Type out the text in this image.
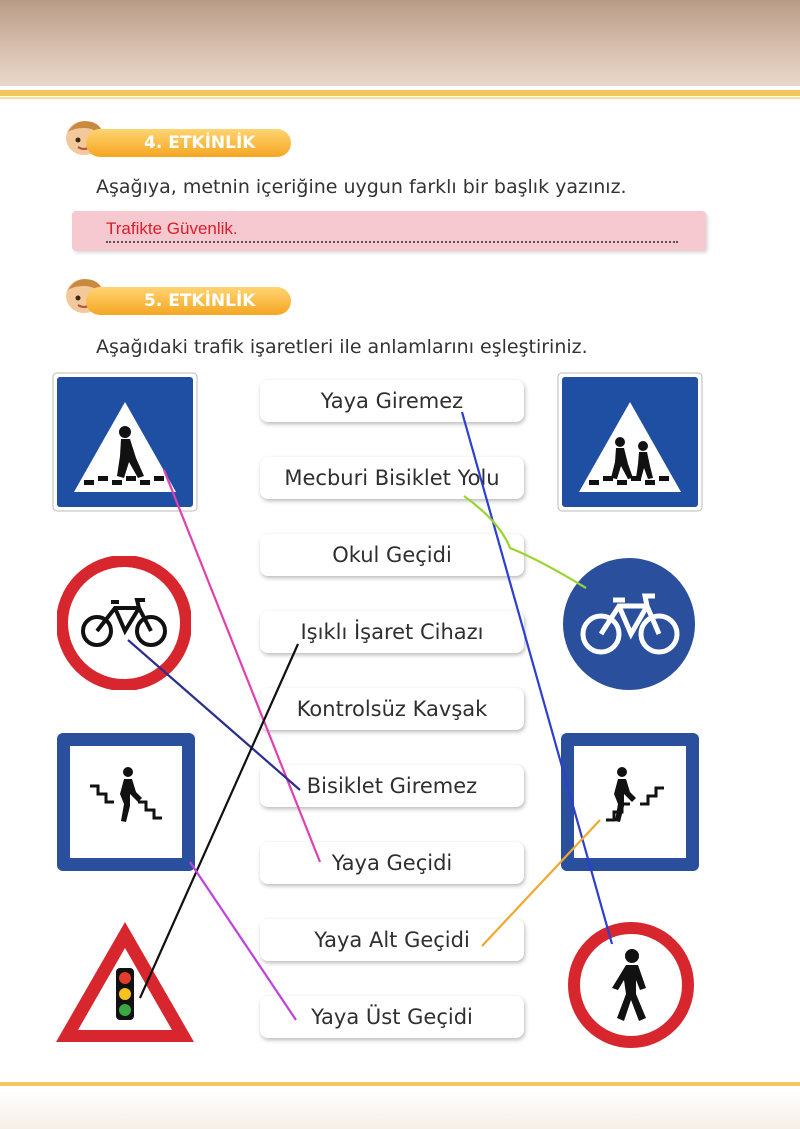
4. ETKİNLİK
Aşağıya, metnin içeriğine uygun farklı bir başlık yazınız.
Trafikte Güvenlik.
5. ETKİNLİK
Aşağıdaki trafik işaretleri ile anlamlarını eşleştiriniz.
Yaya Giremez
Mecburi Bisiklet Yolu
Okul Geçidi
Işıklı İşaret Cihazı
Kontrolsüz Kavşak
Bisiklet Giremez
Yaya Geçidi
Yaya Alt Geçidi
Yaya Üst Geçidi
